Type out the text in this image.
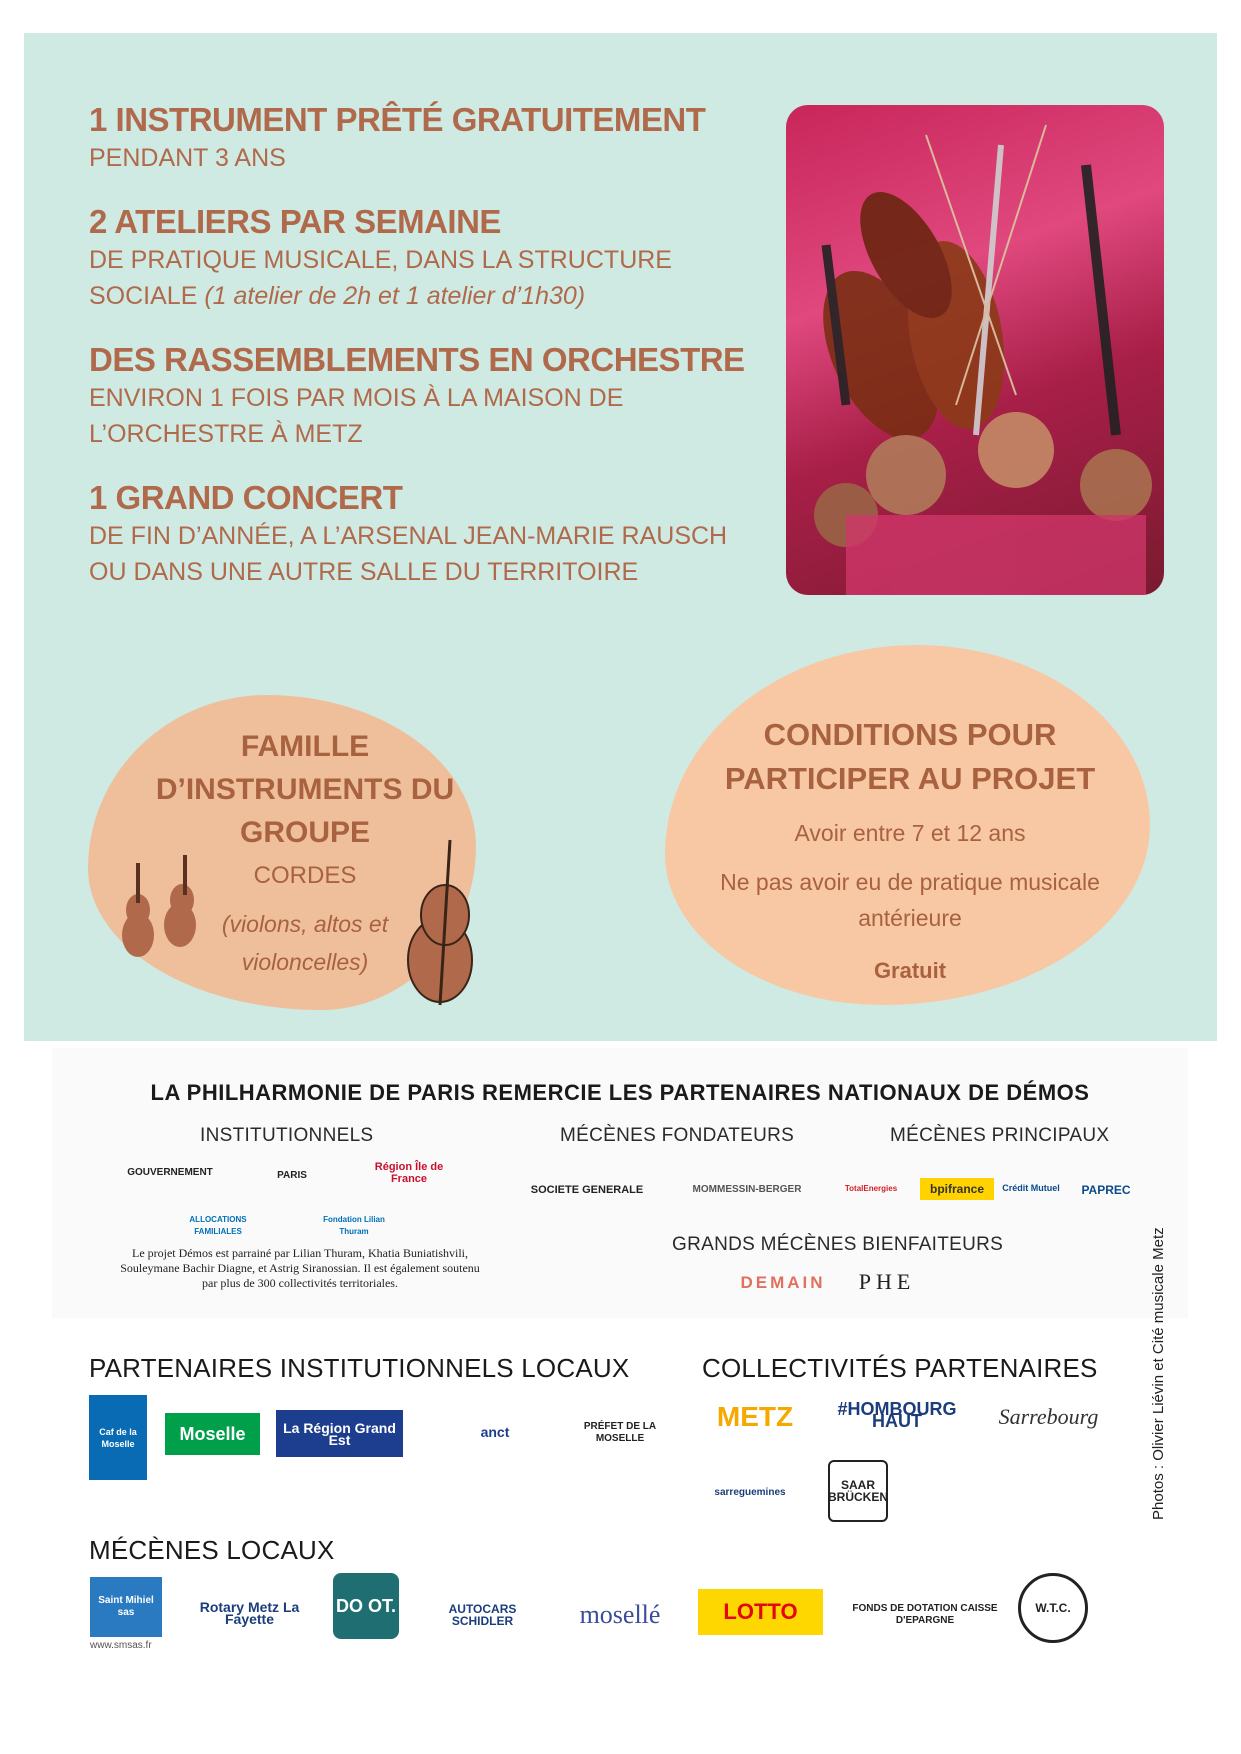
1 INSTRUMENT PRÊTÉ GRATUITEMENT
PENDANT 3 ANS
2 ATELIERS PAR SEMAINE
DE PRATIQUE MUSICALE, DANS LA STRUCTURE SOCIALE (1 atelier de 2h et 1 atelier d’1h30)
DES RASSEMBLEMENTS EN ORCHESTRE
ENVIRON 1 FOIS PAR MOIS À LA MAISON DE L’ORCHESTRE À METZ
1 GRAND CONCERT
DE FIN D’ANNÉE, A L’ARSENAL JEAN-MARIE RAUSCH OU DANS UNE AUTRE SALLE DU TERRITOIRE
FAMILLE D’INSTRUMENTS DU GROUPE
CORDES
(violons, altos et violoncelles)
CONDITIONS POUR PARTICIPER AU PROJET
Avoir entre 7 et 12 ans
Ne pas avoir eu de pratique musicale antérieure
Gratuit
LA PHILHARMONIE DE PARIS REMERCIE LES PARTENAIRES NATIONAUX DE DÉMOS
INSTITUTIONNELS	MÉCÈNES FONDATEURS	MÉCÈNES PRINCIPAUX
GRANDS MÉCÈNES BIENFAITEURS
GOUVERNEMENT	PARIS
Région Île de France
ALLOCATIONS FAMILIALES
Fondation Lilian Thuram
SOCIETE GENERALE	MOMMESSIN-BERGER	TotalEnergies	bpifrance	Crédit Mutuel	PAPREC
DEMAIN	PHE
Le projet Démos est parrainé par Lilian Thuram, Khatia Buniatishvili, Souleymane Bachir Diagne, et Astrig Siranossian. Il est également soutenu par plus de 300 collectivités territoriales.
PARTENAIRES INSTITUTIONNELS LOCAUX	COLLECTIVITÉS PARTENAIRES
Caf de la Moselle	Moselle	La Région Grand Est	anct	PRÉFET DE LA MOSELLE
METZ	#HOMBOURG HAUT	Sarrebourg
sarreguemines	SAAR BRÜCKEN
MÉCÈNES LOCAUX
Saint Mihiel sas	Rotary Metz La Fayette
DO OT.	AUTOCARS SCHIDLER	mosellé	LOTTO	FONDS DE DOTATION CAISSE D'EPARGNE
W.T.C.
www.smsas.fr
Photos : Olivier Liévin et Cité musicale Metz
